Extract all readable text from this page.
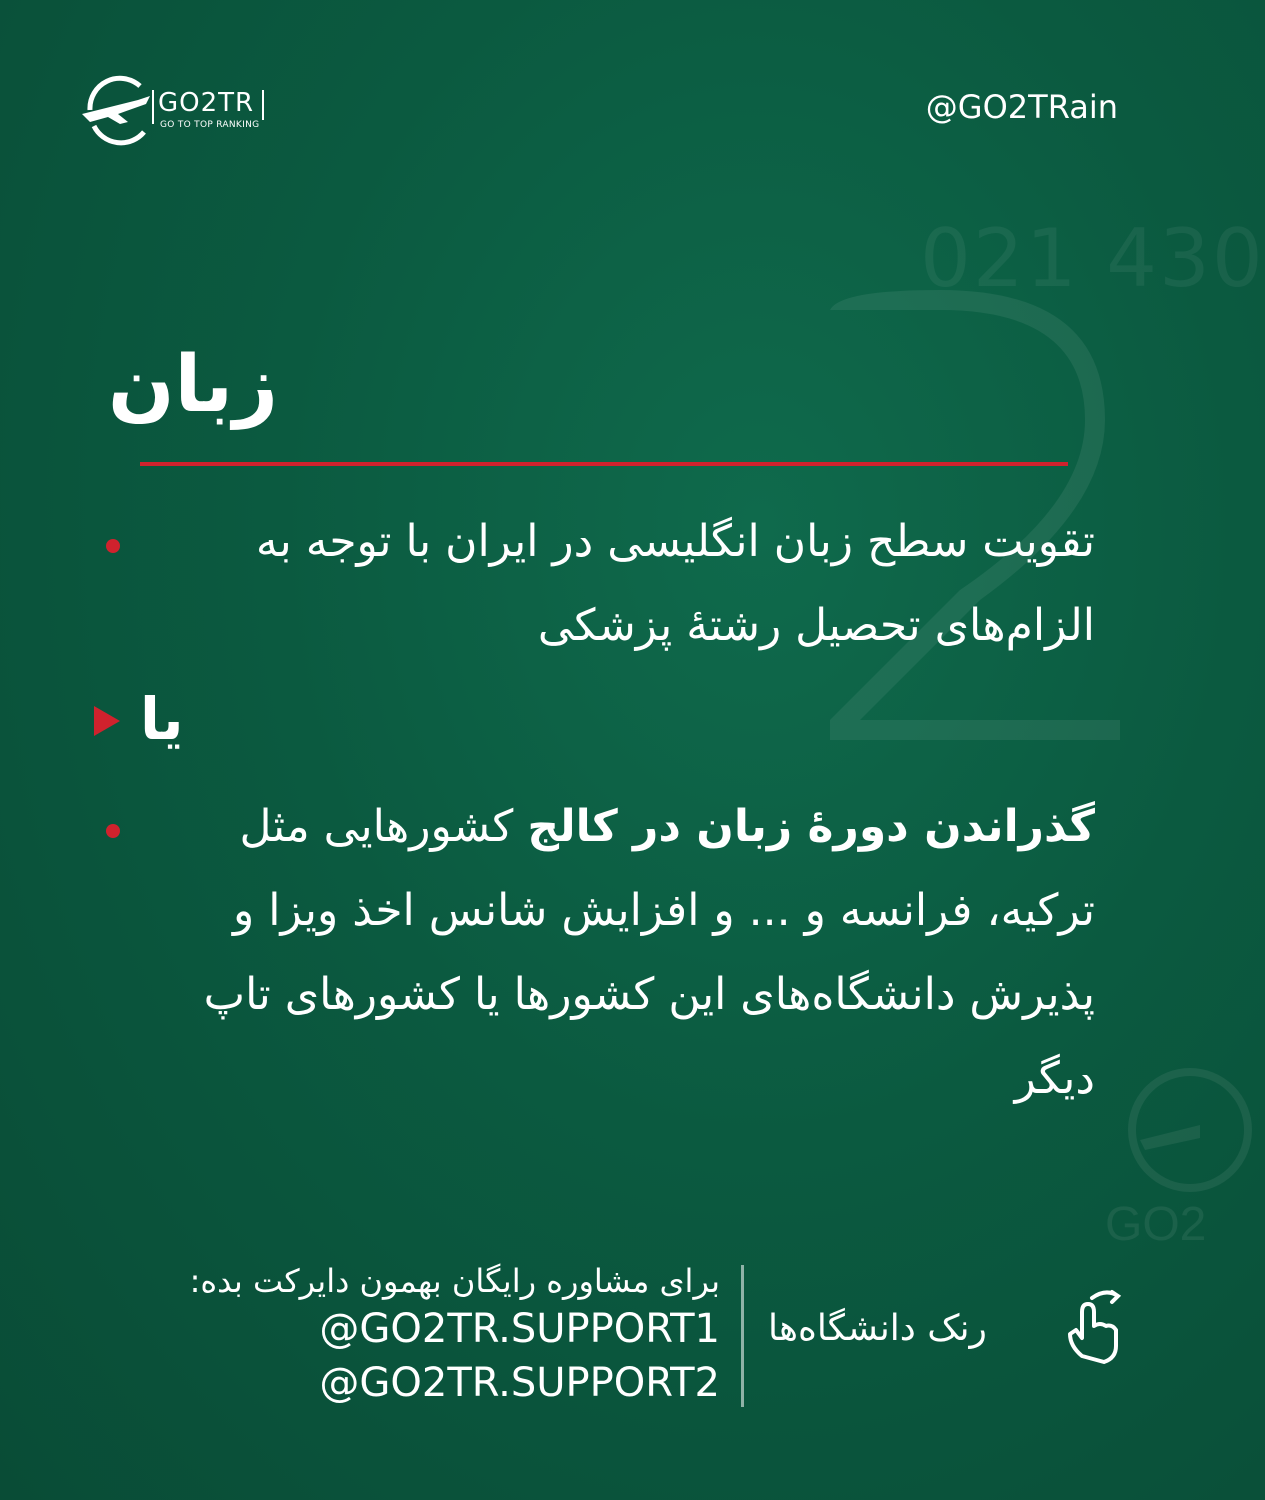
021 430
GO2
GO2TR
GO TO TOP RANKING	@GO2TRain
زبان
تقویت سطح زبان انگلیسی در ایران با توجه به الزام‌های تحصیل رشتهٔ پزشکی
یا
گذراندن دورهٔ زبان در کالج کشورهایی مثل ترکیه، فرانسه و ... و افزایش شانس اخذ ویزا و پذیرش دانشگاه‌های این کشورها یا کشورهای تاپ دیگر
رنک دانشگاه‌ها
برای مشاوره رایگان بهمون دایرکت بده:
@GO2TR.SUPPORT1
@GO2TR.SUPPORT2
